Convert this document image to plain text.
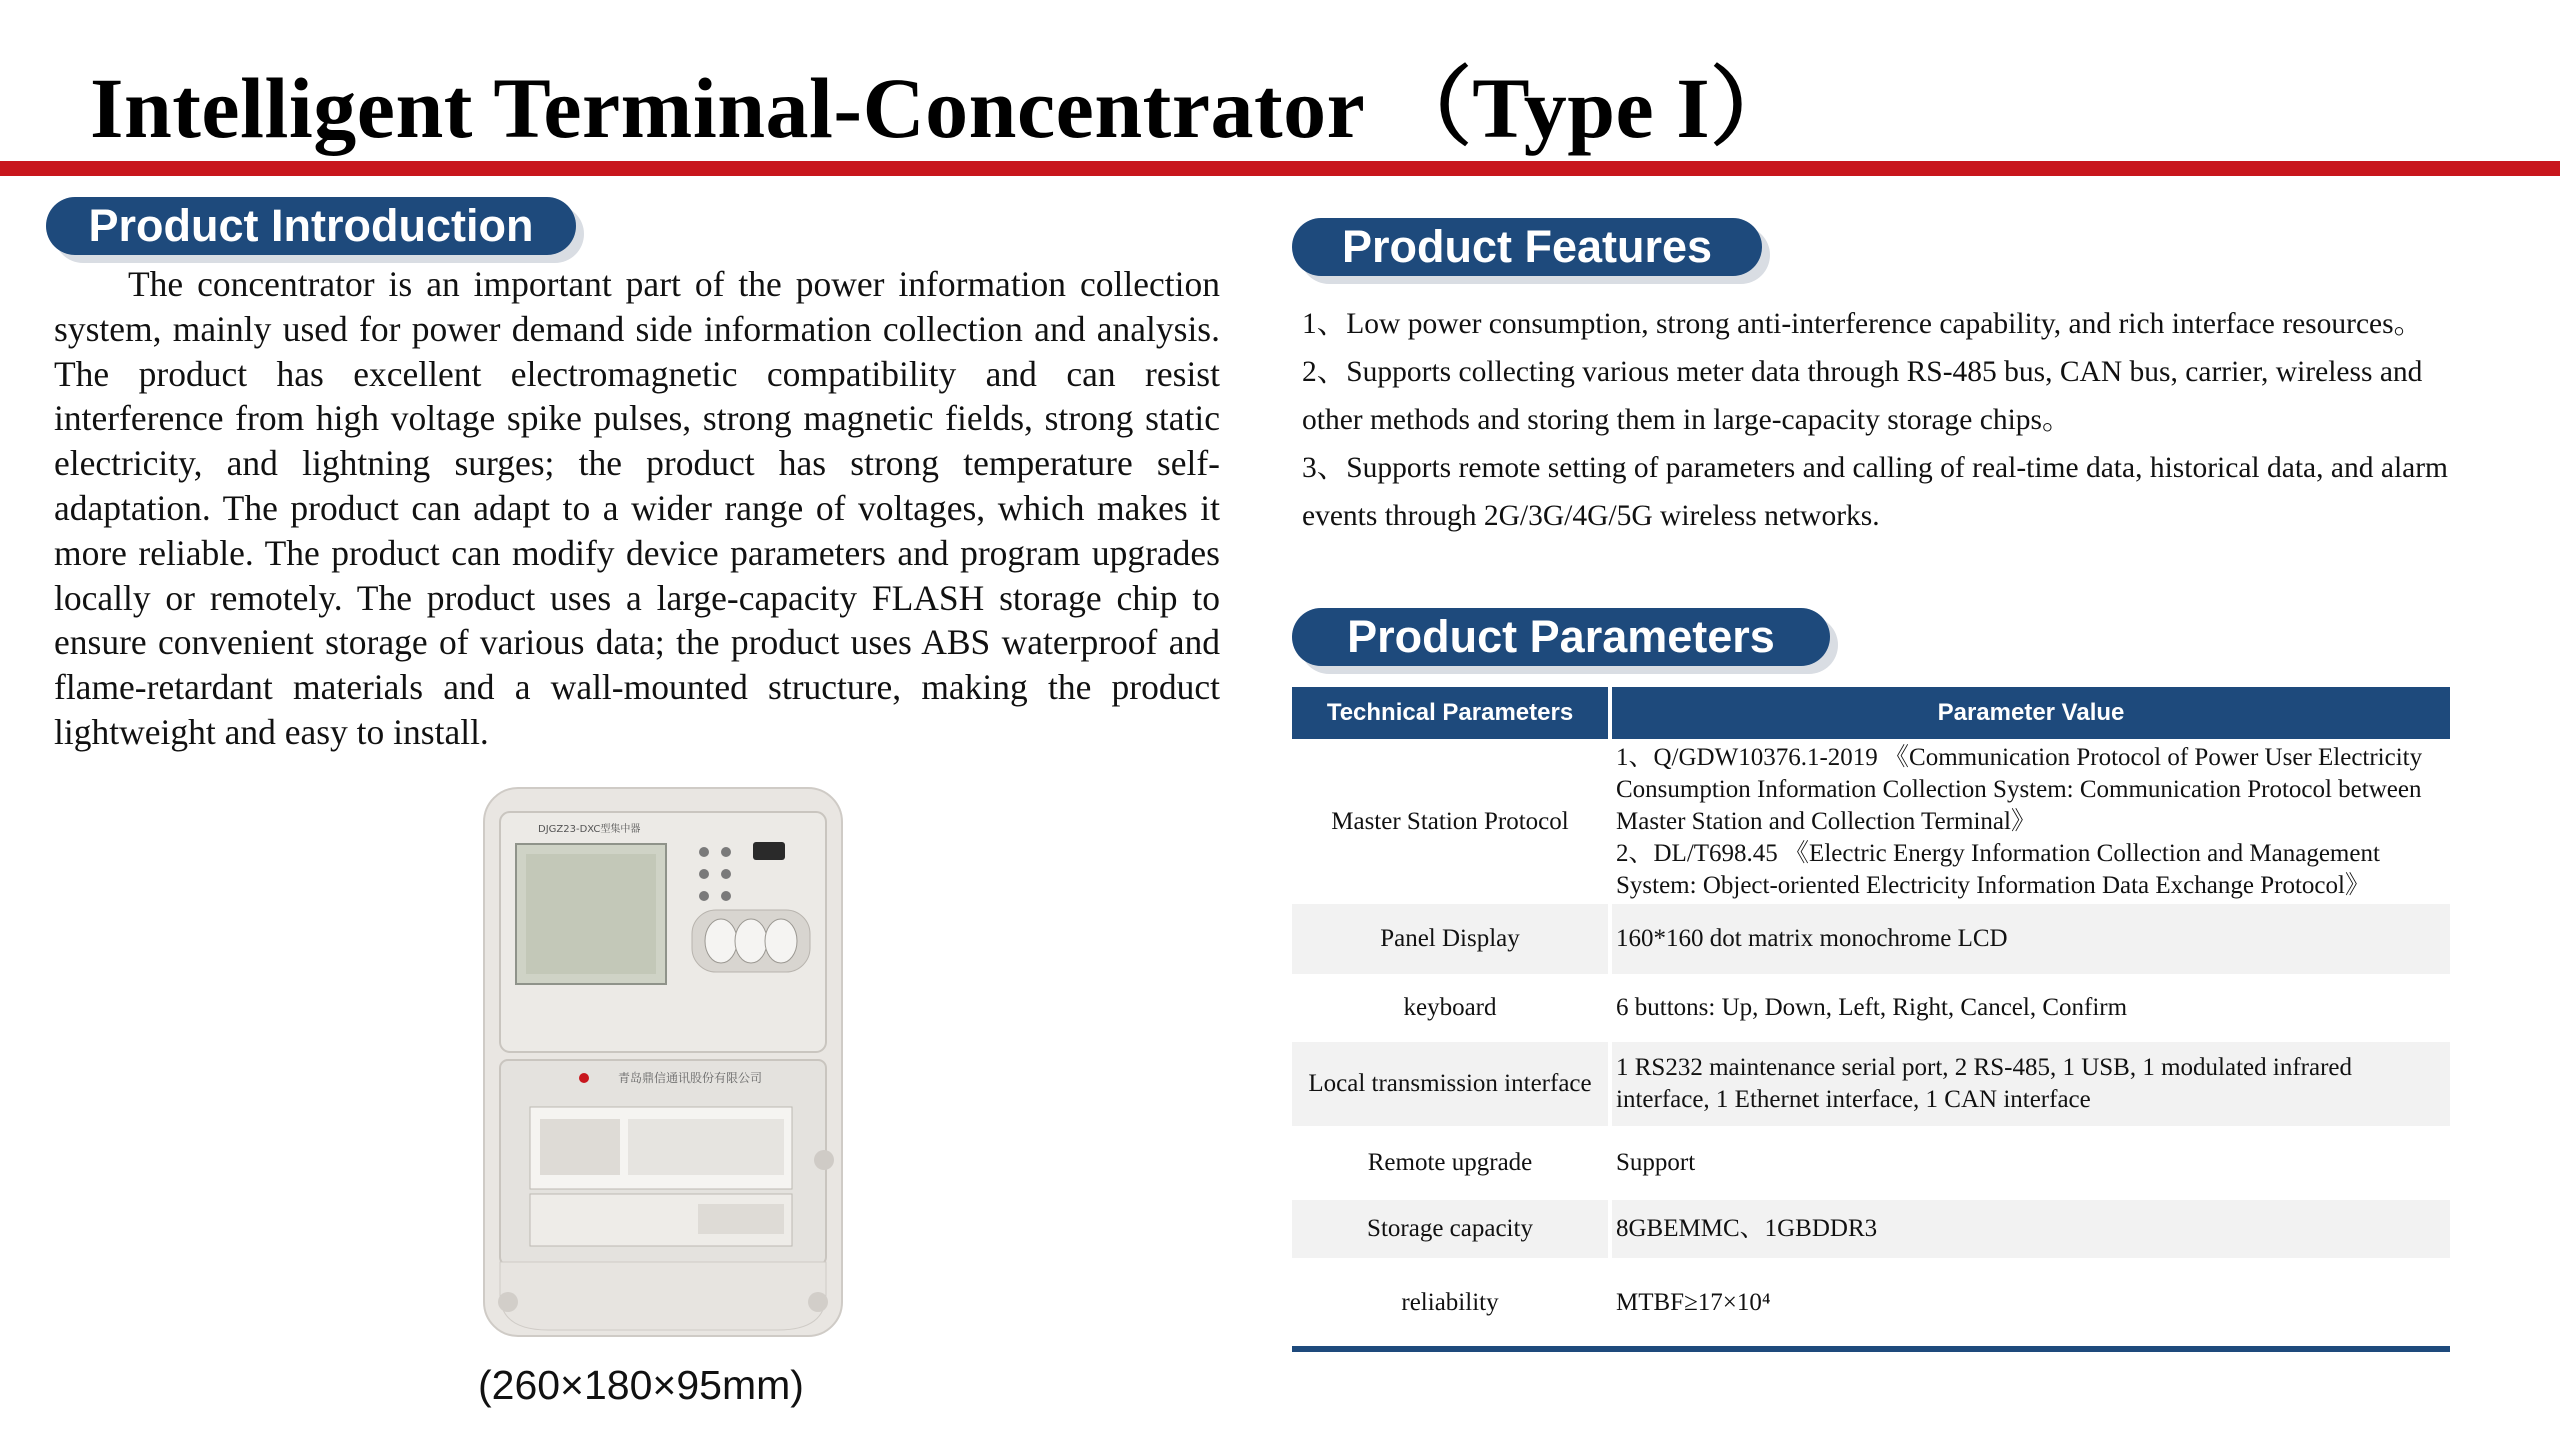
Intelligent Terminal-Concentrator （Type I）
Product Introduction
The concentrator is an important part of the power information collection system, mainly used for power demand side information collection and analysis. The product has excellent electromagnetic compatibility and can resist interference from high voltage spike pulses, strong magnetic fields, strong static electricity, and lightning surges; the product has strong temperature self-adaptation. The product can adapt to a wider range of voltages, which makes it more reliable. The product can modify device parameters and program upgrades locally or remotely. The product uses a large-capacity FLASH storage chip to ensure convenient storage of various data; the product uses ABS waterproof and flame-retardant materials and a wall-mounted structure, making the product lightweight and easy to install.
DJGZ23-DXC型集中器
青岛鼎信通讯股份有限公司
(260×180×95mm)
Product Features

1、Low power consumption, strong anti-interference capability, and rich interface resources。

2、Supports collecting various meter data through RS-485 bus, CAN bus, carrier, wireless and other methods and storing them in large-capacity storage chips。

3、Supports remote setting of parameters and calling of real-time data, historical data, and alarm events through 2G/3G/4G/5G wireless networks.

Product Parameters
Technical Parameters	Parameter Value
Master Station Protocol	1、Q/GDW10376.1-2019 《Communication Protocol of Power User Electricity Consumption Information Collection System: Communication Protocol between Master Station and Collection Terminal》
2、DL/T698.45 《Electric Energy Information Collection and Management System: Object-oriented Electricity Information Data Exchange Protocol》

Panel Display	160*160 dot matrix monochrome LCD
keyboard	6 buttons: Up, Down, Left, Right, Cancel, Confirm
Local transmission interface	1 RS232 maintenance serial port, 2 RS-485, 1 USB, 1 modulated infrared interface, 1 Ethernet interface, 1 CAN interface
Remote upgrade	Support
Storage capacity	8GBEMMC、1GBDDR3
reliability	MTBF≥17×10⁴
